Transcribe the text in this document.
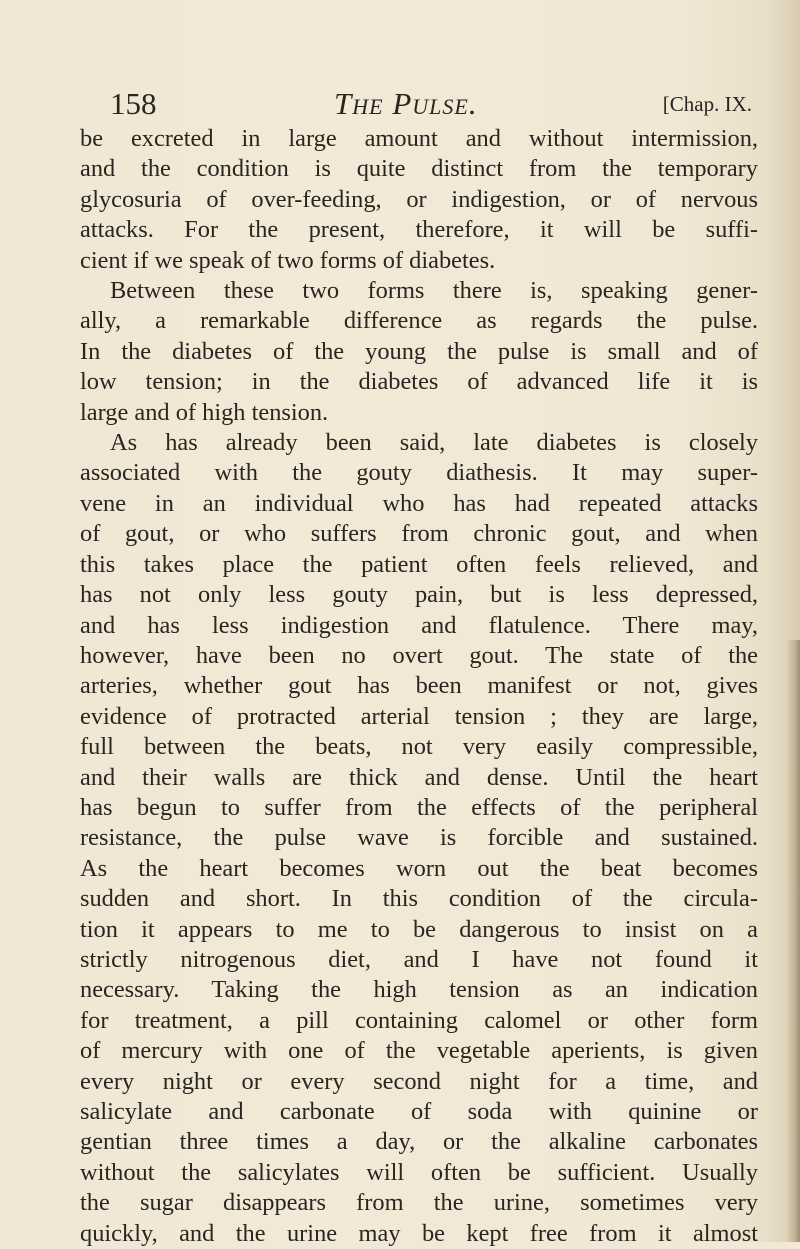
158	The Pulse.	[Chap. IX.
be excreted in large amount and without intermission,
and the condition is quite distinct from the temporary
glycosuria of over-feeding, or indigestion, or of nervous
attacks. For the present, therefore, it will be suffi-
cient if we speak of two forms of diabetes.
Between these two forms there is, speaking gener-
ally, a remarkable difference as regards the pulse.
In the diabetes of the young the pulse is small and of
low tension; in the diabetes of advanced life it is
large and of high tension.
As has already been said, late diabetes is closely
associated with the gouty diathesis. It may super-
vene in an individual who has had repeated attacks
of gout, or who suffers from chronic gout, and when
this takes place the patient often feels relieved, and
has not only less gouty pain, but is less depressed,
and has less indigestion and flatulence. There may,
however, have been no overt gout. The state of the
arteries, whether gout has been manifest or not, gives
evidence of protracted arterial tension ; they are large,
full between the beats, not very easily compressible,
and their walls are thick and dense. Until the heart
has begun to suffer from the effects of the peripheral
resistance, the pulse wave is forcible and sustained.
As the heart becomes worn out the beat becomes
sudden and short. In this condition of the circula-
tion it appears to me to be dangerous to insist on a
strictly nitrogenous diet, and I have not found it
necessary. Taking the high tension as an indication
for treatment, a pill containing calomel or other form
of mercury with one of the vegetable aperients, is given
every night or every second night for a time, and
salicylate and carbonate of soda with quinine or
gentian three times a day, or the alkaline carbonates
without the salicylates will often be sufficient. Usually
the sugar disappears from the urine, sometimes very
quickly, and the urine may be kept free from it almost
